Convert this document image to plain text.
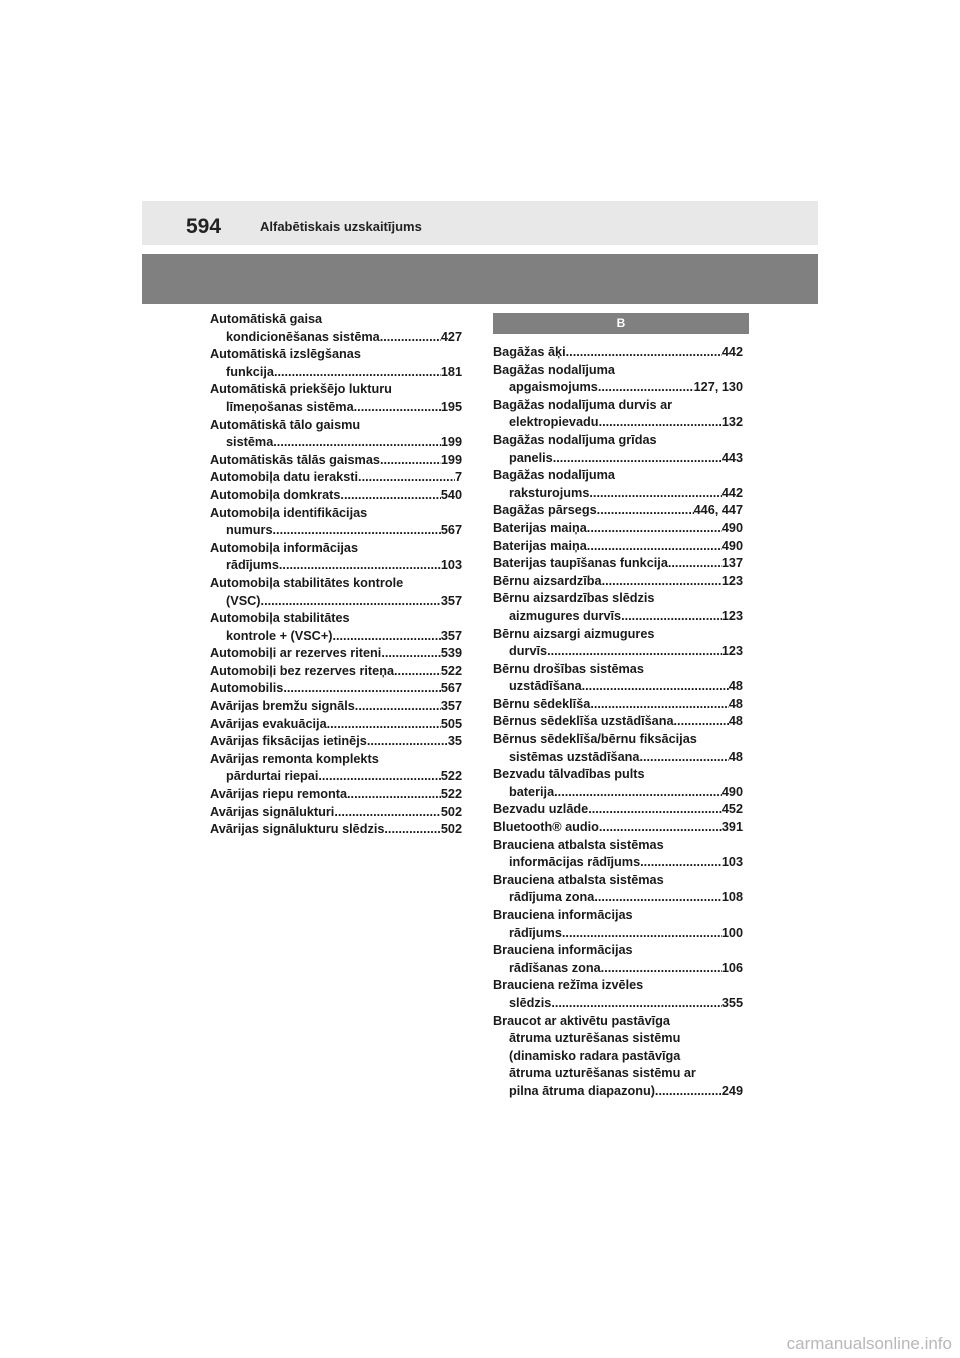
594	Alfabētiskais uzskaitījums
Automātiskā gaisa
kondicionēšanas sistēma .....	427
Automātiskā izslēgšanas
funkcija .....	181
Automātiskā priekšējo lukturu
līmeņošanas sistēma .....	195
Automātiskā tālo gaismu
sistēma .....	199
Automātiskās tālās gaismas .....	199
Automobiļa datu ieraksti .....	7
Automobiļa domkrats .....	540
Automobiļa identifikācijas
numurs .....	567
Automobiļa informācijas
rādījums .....	103
Automobiļa stabilitātes kontrole
(VSC) .....	357
Automobiļa stabilitātes
kontrole + (VSC+) .....	357
Automobiļi ar rezerves riteni .....	539
Automobiļi bez rezerves riteņa .....	522
Automobilis .....	567
Avārijas bremžu signāls .....	357
Avārijas evakuācija .....	505
Avārijas fiksācijas ietinējs .....	35
Avārijas remonta komplekts
pārdurtai riepai .....	522
Avārijas riepu remonta .....	522
Avārijas signālukturi .....	502
Avārijas signālukturu slēdzis .....	502
B
Bagāžas āķi .....	442
Bagāžas nodalījuma
apgaismojums .....	127, 130
Bagāžas nodalījuma durvis ar
elektropievadu .....	132
Bagāžas nodalījuma grīdas
panelis .....	443
Bagāžas nodalījuma
raksturojums .....	442
Bagāžas pārsegs .....	446, 447
Baterijas maiņa .....	490
Baterijas maiņa .....	490
Baterijas taupīšanas funkcija .....	137
Bērnu aizsardzība .....	123
Bērnu aizsardzības slēdzis
aizmugures durvīs .....	123
Bērnu aizsargi aizmugures
durvīs .....	123
Bērnu drošības sistēmas
uzstādīšana .....	48
Bērnu sēdeklīša .....	48
Bērnus sēdeklīša uzstādīšana .....	48
Bērnus sēdeklīša/bērnu fiksācijas
sistēmas uzstādīšana .....	48
Bezvadu tālvadības pults
baterija .....	490
Bezvadu uzlāde .....	452
Bluetooth® audio .....	391
Brauciena atbalsta sistēmas
informācijas rādījums .....	103
Brauciena atbalsta sistēmas
rādījuma zona .....	108
Brauciena informācijas
rādījums .....	100
Brauciena informācijas
rādīšanas zona .....	106
Brauciena režīma izvēles
slēdzis .....	355
Braucot ar aktivētu pastāvīga
ātruma uzturēšanas sistēmu
(dinamisko radara pastāvīga
ātruma uzturēšanas sistēmu ar
pilna ātruma diapazonu) .....	249
carmanualsonline.info
